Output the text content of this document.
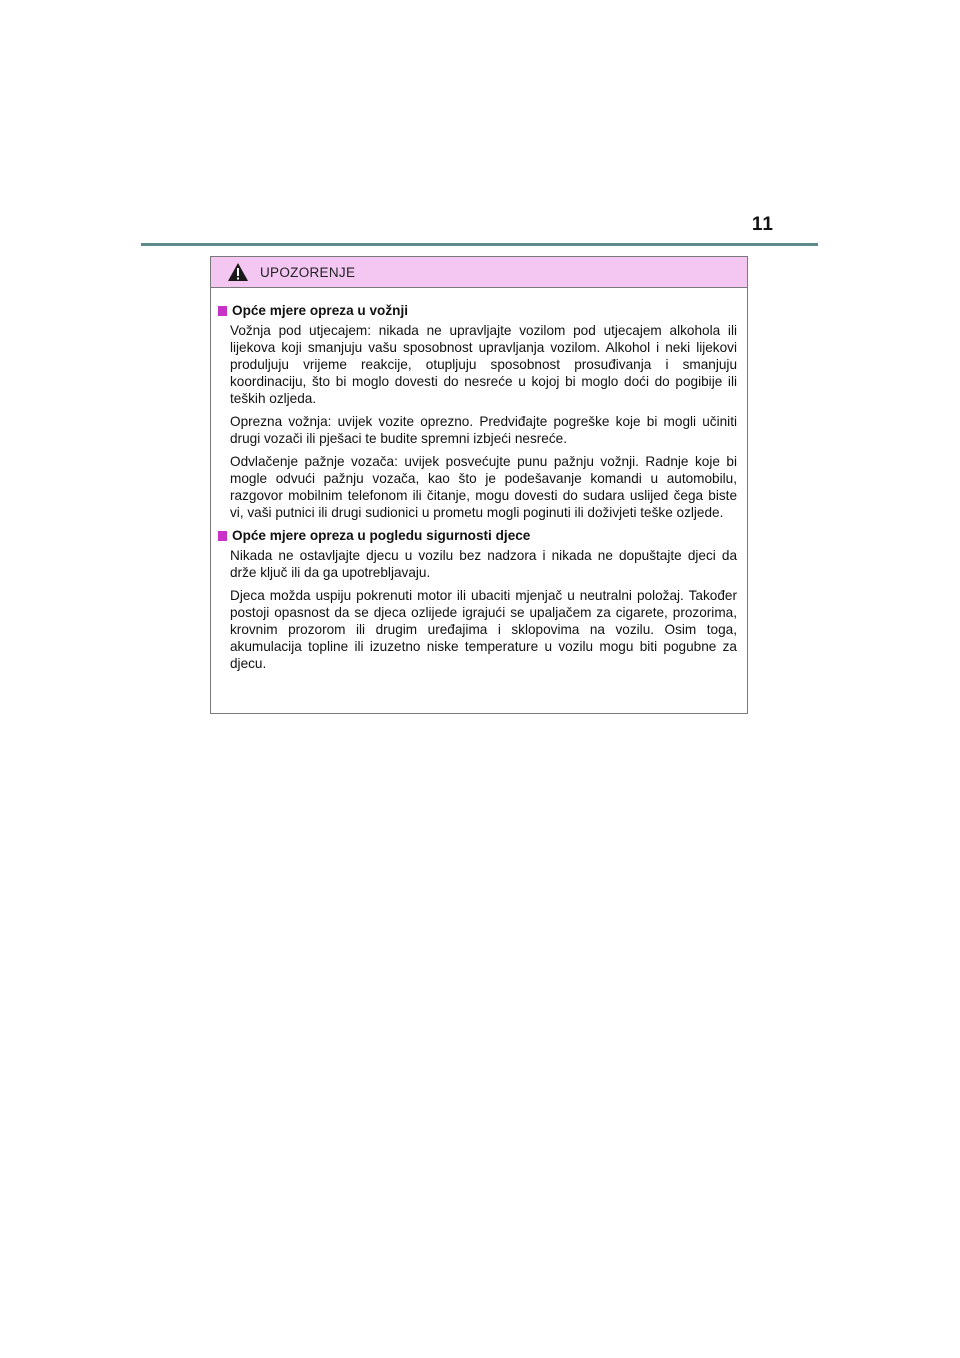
11
UPOZORENJE
Opće mjere opreza u vožnji

Vožnja pod utjecajem: nikada ne upravljajte vozilom pod utjecajem alkohola ili lijekova koji smanjuju vašu sposobnost upravljanja vozilom. Alkohol i neki lijekovi produljuju vrijeme reakcije, otupljuju sposobnost prosuđivanja i smanjuju koordinaciju, što bi moglo dovesti do nesreće u kojoj bi moglo doći do pogibije ili teških ozljeda.

Oprezna vožnja: uvijek vozite oprezno. Predviđajte pogreške koje bi mogli učiniti drugi vozači ili pješaci te budite spremni izbjeći nesreće.

Odvlačenje pažnje vozača: uvijek posvećujte punu pažnju vožnji. Radnje koje bi mogle odvući pažnju vozača, kao što je podešavanje komandi u automobilu, razgovor mobilnim telefonom ili čitanje, mogu dovesti do sudara uslijed čega biste vi, vaši putnici ili drugi sudionici u prometu mogli poginuti ili doživjeti teške ozljede.

Opće mjere opreza u pogledu sigurnosti djece

Nikada ne ostavljajte djecu u vozilu bez nadzora i nikada ne dopuštajte djeci da drže ključ ili da ga upotrebljavaju.

Djeca možda uspiju pokrenuti motor ili ubaciti mjenjač u neutralni položaj. Također postoji opasnost da se djeca ozlijede igrajući se upaljačem za cigarete, prozorima, krovnim prozorom ili drugim uređajima i sklopovima na vozilu. Osim toga, akumulacija topline ili izuzetno niske temperature u vozilu mogu biti pogubne za djecu.
